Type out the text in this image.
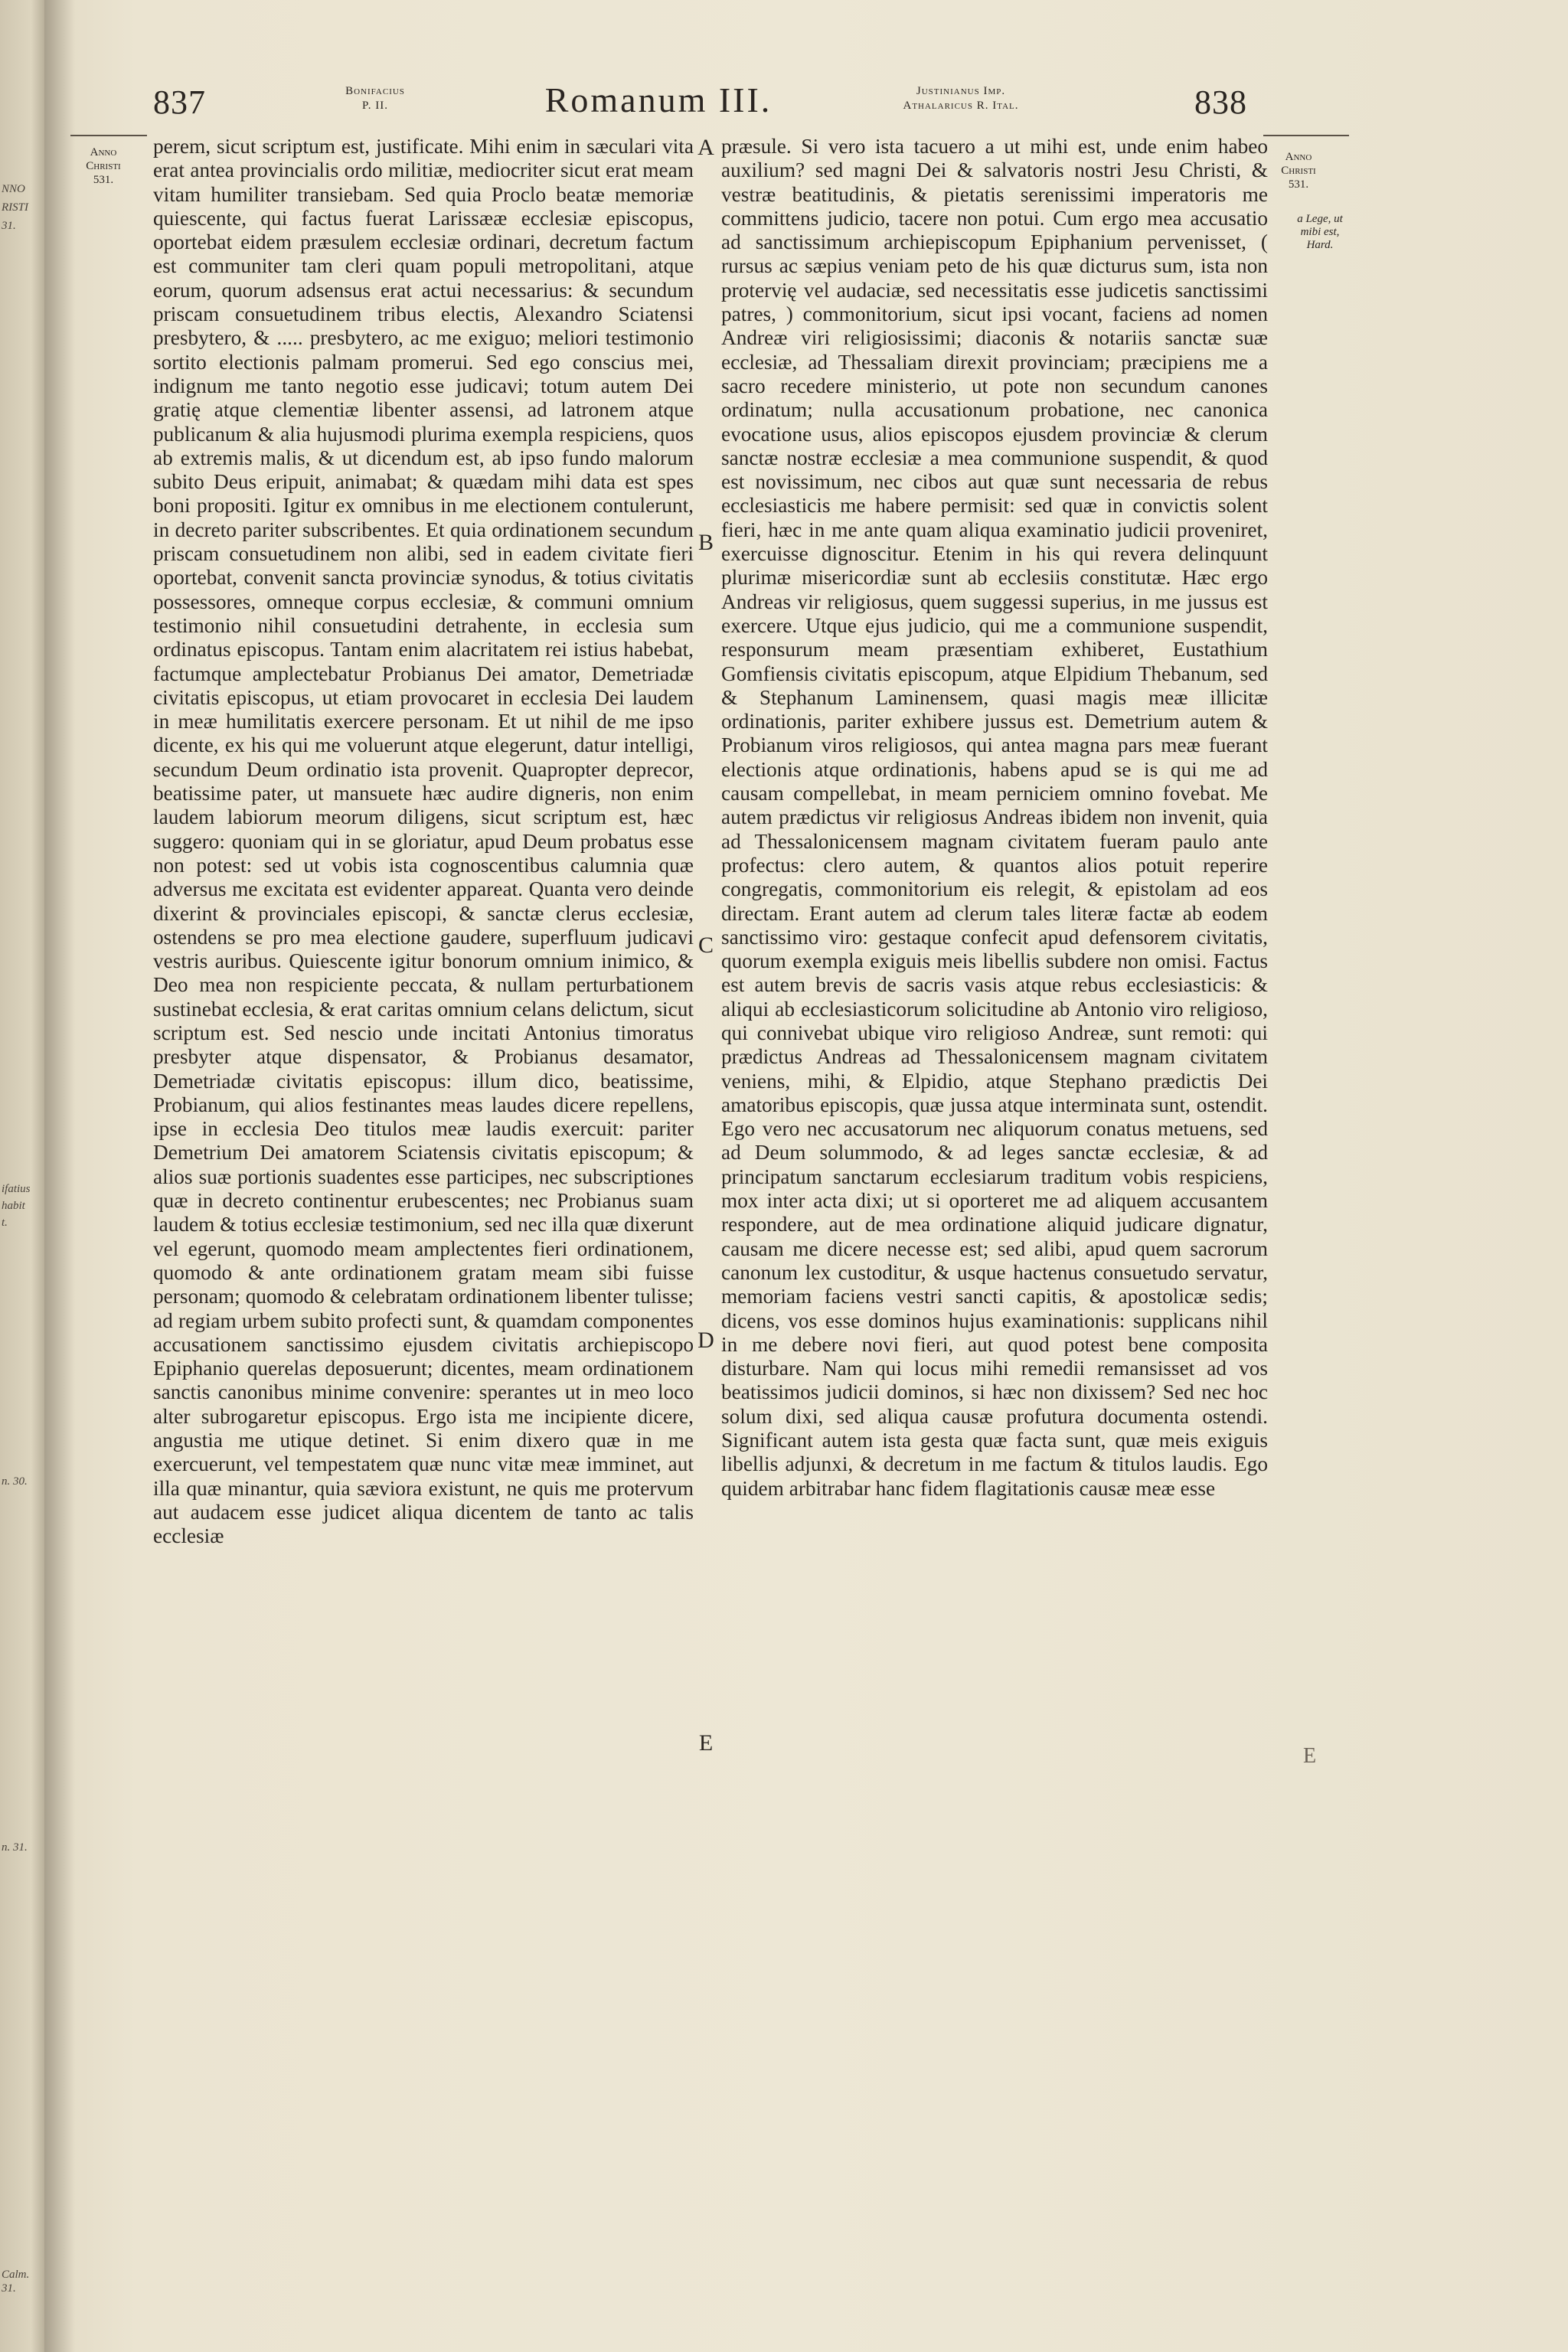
NNO
RISTI
31.
ifatius
habit
t.
n. 30.
n. 31.
Calm. 31.
837	Bonifacius
P. II.	Romanum III.	Justinianus Imp.
Athalaricus R. Ital.	838
Anno
Christi
531.
Anno
Christi
531.
a Lege, ut
mibi est,
Hard.

perem, sicut scriptum est, justificate. Mihi enim in sæculari vita erat antea provincialis ordo militiæ, mediocriter sicut erat meam vitam humiliter transiebam. Sed quia Proclo beatæ memoriæ quiescente, qui factus fuerat Larissææ ecclesiæ episcopus, oportebat eidem præsulem ecclesiæ ordinari, decretum factum est communiter tam cleri quam populi metropolitani, atque eorum, quorum adsensus erat actui necessarius: & secundum priscam consuetudinem tribus electis, Alexandro Sciatensi presbytero, & ..... presbytero, ac me exiguo; meliori testimonio sortito electionis palmam promerui. Sed ego conscius mei, indignum me tanto negotio esse judicavi; totum autem Dei gratię atque clementiæ libenter assensi, ad latronem atque publicanum & alia hujusmodi plurima exempla respiciens, quos ab extremis malis, & ut dicendum est, ab ipso fundo malorum subito Deus eripuit, animabat; & quædam mihi data est spes boni propositi. Igitur ex omnibus in me electionem contulerunt, in decreto pariter subscribentes. Et quia ordinationem secundum priscam consuetudinem non alibi, sed in eadem civitate fieri oportebat, convenit sancta provinciæ synodus, & totius civitatis possessores, omneque corpus ecclesiæ, & communi omnium testimonio nihil consuetudini detrahente, in ecclesia sum ordinatus episcopus. Tantam enim alacritatem rei istius habebat, factumque amplectebatur Probianus Dei amator, Demetriadæ civitatis episcopus, ut etiam provocaret in ecclesia Dei laudem in meæ humilitatis exercere personam. Et ut nihil de me ipso dicente, ex his qui me voluerunt atque elegerunt, datur intelligi, secundum Deum ordinatio ista provenit. Quapropter deprecor, beatissime pater, ut mansuete hæc audire digneris, non enim laudem labiorum meorum diligens, sicut scriptum est, hæc suggero: quoniam qui in se gloriatur, apud Deum probatus esse non potest: sed ut vobis ista cognoscentibus calumnia quæ adversus me excitata est evidenter appareat. Quanta vero deinde dixerint & provinciales episcopi, & sanctæ clerus ecclesiæ, ostendens se pro mea electione gaudere, superfluum judicavi vestris auribus. Quiescente igitur bonorum omnium inimico, & Deo mea non respiciente peccata, & nullam perturbationem sustinebat ecclesia, & erat caritas omnium celans delictum, sicut scriptum est. Sed nescio unde incitati Antonius timoratus presbyter atque dispensator, & Probianus desamator, Demetriadæ civitatis episcopus: illum dico, beatissime, Probianum, qui alios festinantes meas laudes dicere repellens, ipse in ecclesia Deo titulos meæ laudis exercuit: pariter Demetrium Dei amatorem Sciatensis civitatis episcopum; & alios suæ portionis suadentes esse participes, nec subscriptiones quæ in decreto continentur erubescentes; nec Probianus suam laudem & totius ecclesiæ testimonium, sed nec illa quæ dixerunt vel egerunt, quomodo meam amplectentes fieri ordinationem, quomodo & ante ordinationem gratam meam sibi fuisse personam; quomodo & celebratam ordinationem libenter tulisse; ad regiam urbem subito profecti sunt, & quamdam componentes accusationem sanctissimo ejusdem civitatis archiepiscopo Epiphanio querelas deposuerunt; dicentes, meam ordinationem sanctis canonibus minime convenire: sperantes ut in meo loco alter subrogaretur episcopus. Ergo ista me incipiente dicere, angustia me utique detinet. Si enim dixero quæ in me exercuerunt, vel tempestatem quæ nunc vitæ meæ imminet, aut illa quæ minantur, quia sæviora existunt, ne quis me protervum aut audacem esse judicet aliqua dicentem de tanto ac talis ecclesiæ

A
B
C
D
E

præsule. Si vero ista tacuero a ut mihi est, unde enim habeo auxilium? sed magni Dei & salvatoris nostri Jesu Christi, & vestræ beatitudinis, & pietatis serenissimi imperatoris me committens judicio, tacere non potui. Cum ergo mea accusatio ad sanctissimum archiepiscopum Epiphanium pervenisset, ( rursus ac sæpius veniam peto de his quæ dicturus sum, ista non protervię vel audaciæ, sed necessitatis esse judicetis sanctissimi patres, ) commonitorium, sicut ipsi vocant, faciens ad nomen Andreæ viri religiosissimi; diaconis & notariis sanctæ suæ ecclesiæ, ad Thessaliam direxit provinciam; præcipiens me a sacro recedere ministerio, ut pote non secundum canones ordinatum; nulla accusationum probatione, nec canonica evocatione usus, alios episcopos ejusdem provinciæ & clerum sanctæ nostræ ecclesiæ a mea communione suspendit, & quod est novissimum, nec cibos aut quæ sunt necessaria de rebus ecclesiasticis me habere permisit: sed quæ in convictis solent fieri, hæc in me ante quam aliqua examinatio judicii proveniret, exercuisse dignoscitur. Etenim in his qui revera delinquunt plurimæ misericordiæ sunt ab ecclesiis constitutæ. Hæc ergo Andreas vir religiosus, quem suggessi superius, in me jussus est exercere. Utque ejus judicio, qui me a communione suspendit, responsurum meam præsentiam exhiberet, Eustathium Gomfiensis civitatis episcopum, atque Elpidium Thebanum, sed & Stephanum Laminensem, quasi magis meæ illicitæ ordinationis, pariter exhibere jussus est. Demetrium autem & Probianum viros religiosos, qui antea magna pars meæ fuerant electionis atque ordinationis, habens apud se is qui me ad causam compellebat, in meam perniciem omnino fovebat. Me autem prædictus vir religiosus Andreas ibidem non invenit, quia ad Thessalonicensem magnam civitatem fueram paulo ante profectus: clero autem, & quantos alios potuit reperire congregatis, commonitorium eis relegit, & epistolam ad eos directam. Erant autem ad clerum tales literæ factæ ab eodem sanctissimo viro: gestaque confecit apud defensorem civitatis, quorum exempla exiguis meis libellis subdere non omisi. Factus est autem brevis de sacris vasis atque rebus ecclesiasticis: & aliqui ab ecclesiasticorum solicitudine ab Antonio viro religioso, qui connivebat ubique viro religioso Andreæ, sunt remoti: qui prædictus Andreas ad Thessalonicensem magnam civitatem veniens, mihi, & Elpidio, atque Stephano prædictis Dei amatoribus episcopis, quæ jussa atque interminata sunt, ostendit. Ego vero nec accusatorum nec aliquorum conatus metuens, sed ad Deum solummodo, & ad leges sanctæ ecclesiæ, & ad principatum sanctarum ecclesiarum traditum vobis respiciens, mox inter acta dixi; ut si oporteret me ad aliquem accusantem respondere, aut de mea ordinatione aliquid judicare dignatur, causam me dicere necesse est; sed alibi, apud quem sacrorum canonum lex custoditur, & usque hactenus consuetudo servatur, memoriam faciens vestri sancti capitis, & apostolicæ sedis; dicens, vos esse dominos hujus examinationis: supplicans nihil in me debere novi fieri, aut quod potest bene composita disturbare. Nam qui locus mihi remedii remansisset ad vos beatissimos judicii dominos, si hæc non dixissem? Sed nec hoc solum dixi, sed aliqua causæ profutura documenta ostendi. Significant autem ista gesta quæ facta sunt, quæ meis exiguis libellis adjunxi, & decretum in me factum & titulos laudis. Ego quidem arbitrabar hanc fidem flagitationis causæ meæ esse

E
